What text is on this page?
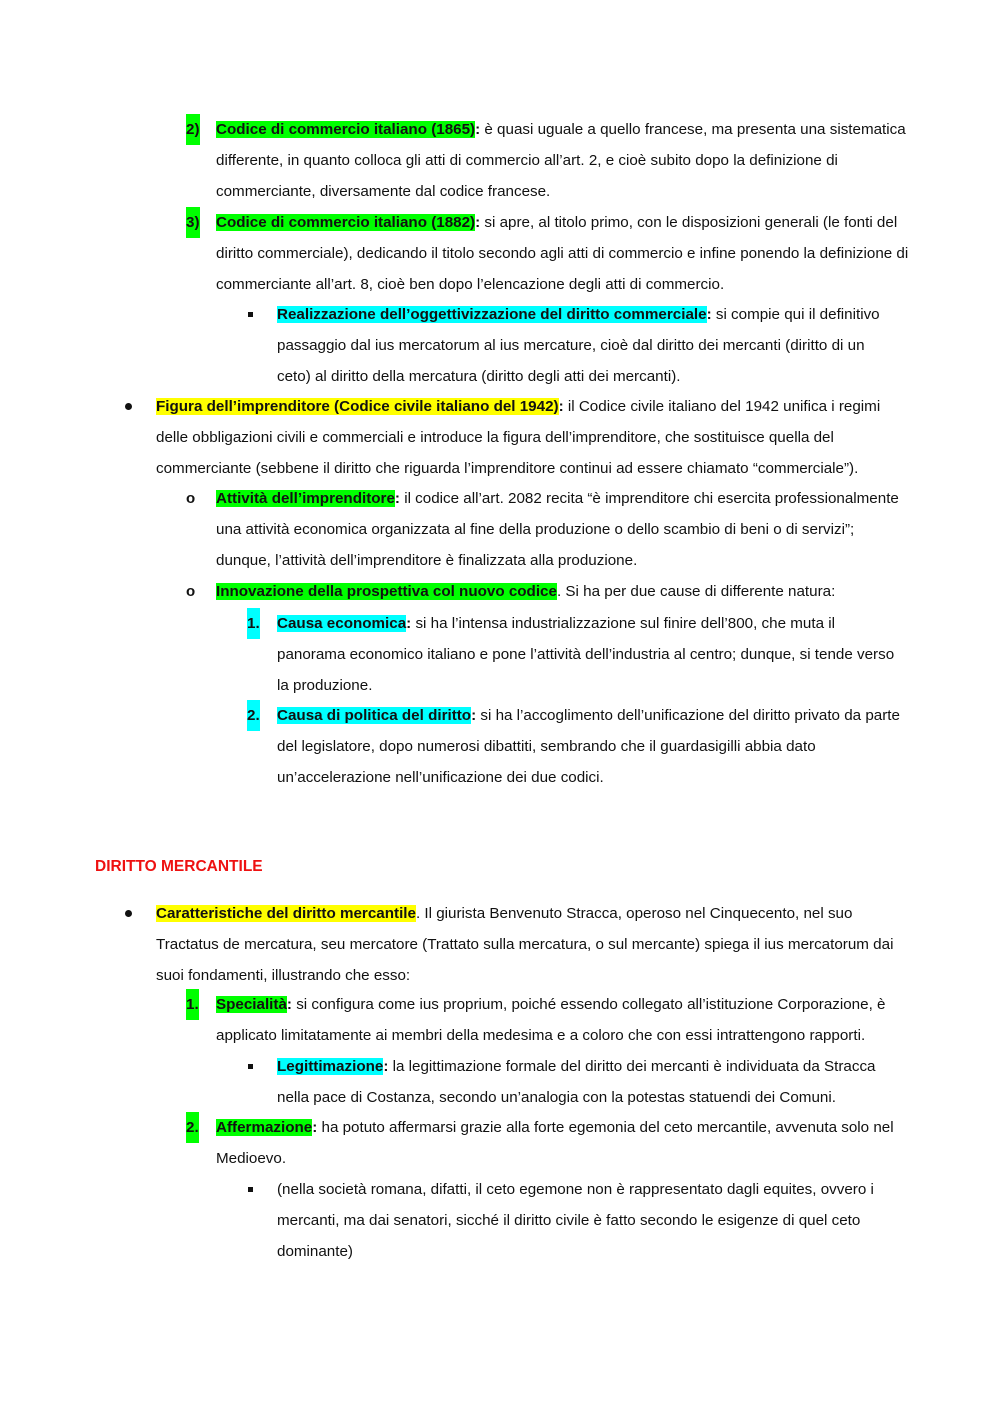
2) Codice di commercio italiano (1865): è quasi uguale a quello francese, ma presenta una sistematica differente, in quanto colloca gli atti di commercio all’art. 2, e cioè subito dopo la definizione di commerciante, diversamente dal codice francese.

3) Codice di commercio italiano (1882): si apre, al titolo primo, con le disposizioni generali (le fonti del diritto commerciale), dedicando il titolo secondo agli atti di commercio e infine ponendo la definizione di commerciante all’art. 8, cioè ben dopo l’elencazione degli atti di commercio.

Realizzazione dell’oggettivizzazione del diritto commerciale: si compie qui il definitivo passaggio dal ius mercatorum al ius mercature, cioè dal diritto dei mercanti (diritto di un ceto) al diritto della mercatura (diritto degli atti dei mercanti).

Figura dell’imprenditore (Codice civile italiano del 1942): il Codice civile italiano del 1942 unifica i regimi delle obbligazioni civili e commerciali e introduce la figura dell’imprenditore, che sostituisce quella del commerciante (sebbene il diritto che riguarda l’imprenditore continui ad essere chiamato “commerciale”).

o Attività dell’imprenditore: il codice all’art. 2082 recita “è imprenditore chi esercita professionalmente una attività economica organizzata al fine della produzione o dello scambio di beni o di servizi”; dunque, l’attività dell’imprenditore è finalizzata alla produzione.

o Innovazione della prospettiva col nuovo codice. Si ha per due cause di differente natura:

1. Causa economica: si ha l’intensa industrializzazione sul finire dell’800, che muta il panorama economico italiano e pone l’attività dell’industria al centro; dunque, si tende verso la produzione.

2. Causa di politica del diritto: si ha l’accoglimento dell’unificazione del diritto privato da parte del legislatore, dopo numerosi dibattiti, sembrando che il guardasigilli abbia dato un’accelerazione nell’unificazione dei due codici.

DIRITTO MERCANTILE

Caratteristiche del diritto mercantile. Il giurista Benvenuto Stracca, operoso nel Cinquecento, nel suo Tractatus de mercatura, seu mercatore (Trattato sulla mercatura, o sul mercante) spiega il ius mercatorum dai suoi fondamenti, illustrando che esso:

1. Specialità: si configura come ius proprium, poiché essendo collegato all’istituzione Corporazione, è applicato limitatamente ai membri della medesima e a coloro che con essi intrattengono rapporti.

Legittimazione: la legittimazione formale del diritto dei mercanti è individuata da Stracca nella pace di Costanza, secondo un’analogia con la potestas statuendi dei Comuni.

2. Affermazione: ha potuto affermarsi grazie alla forte egemonia del ceto mercantile, avvenuta solo nel Medioevo.

(nella società romana, difatti, il ceto egemone non è rappresentato dagli equites, ovvero i mercanti, ma dai senatori, sicché il diritto civile è fatto secondo le esigenze di quel ceto dominante)
